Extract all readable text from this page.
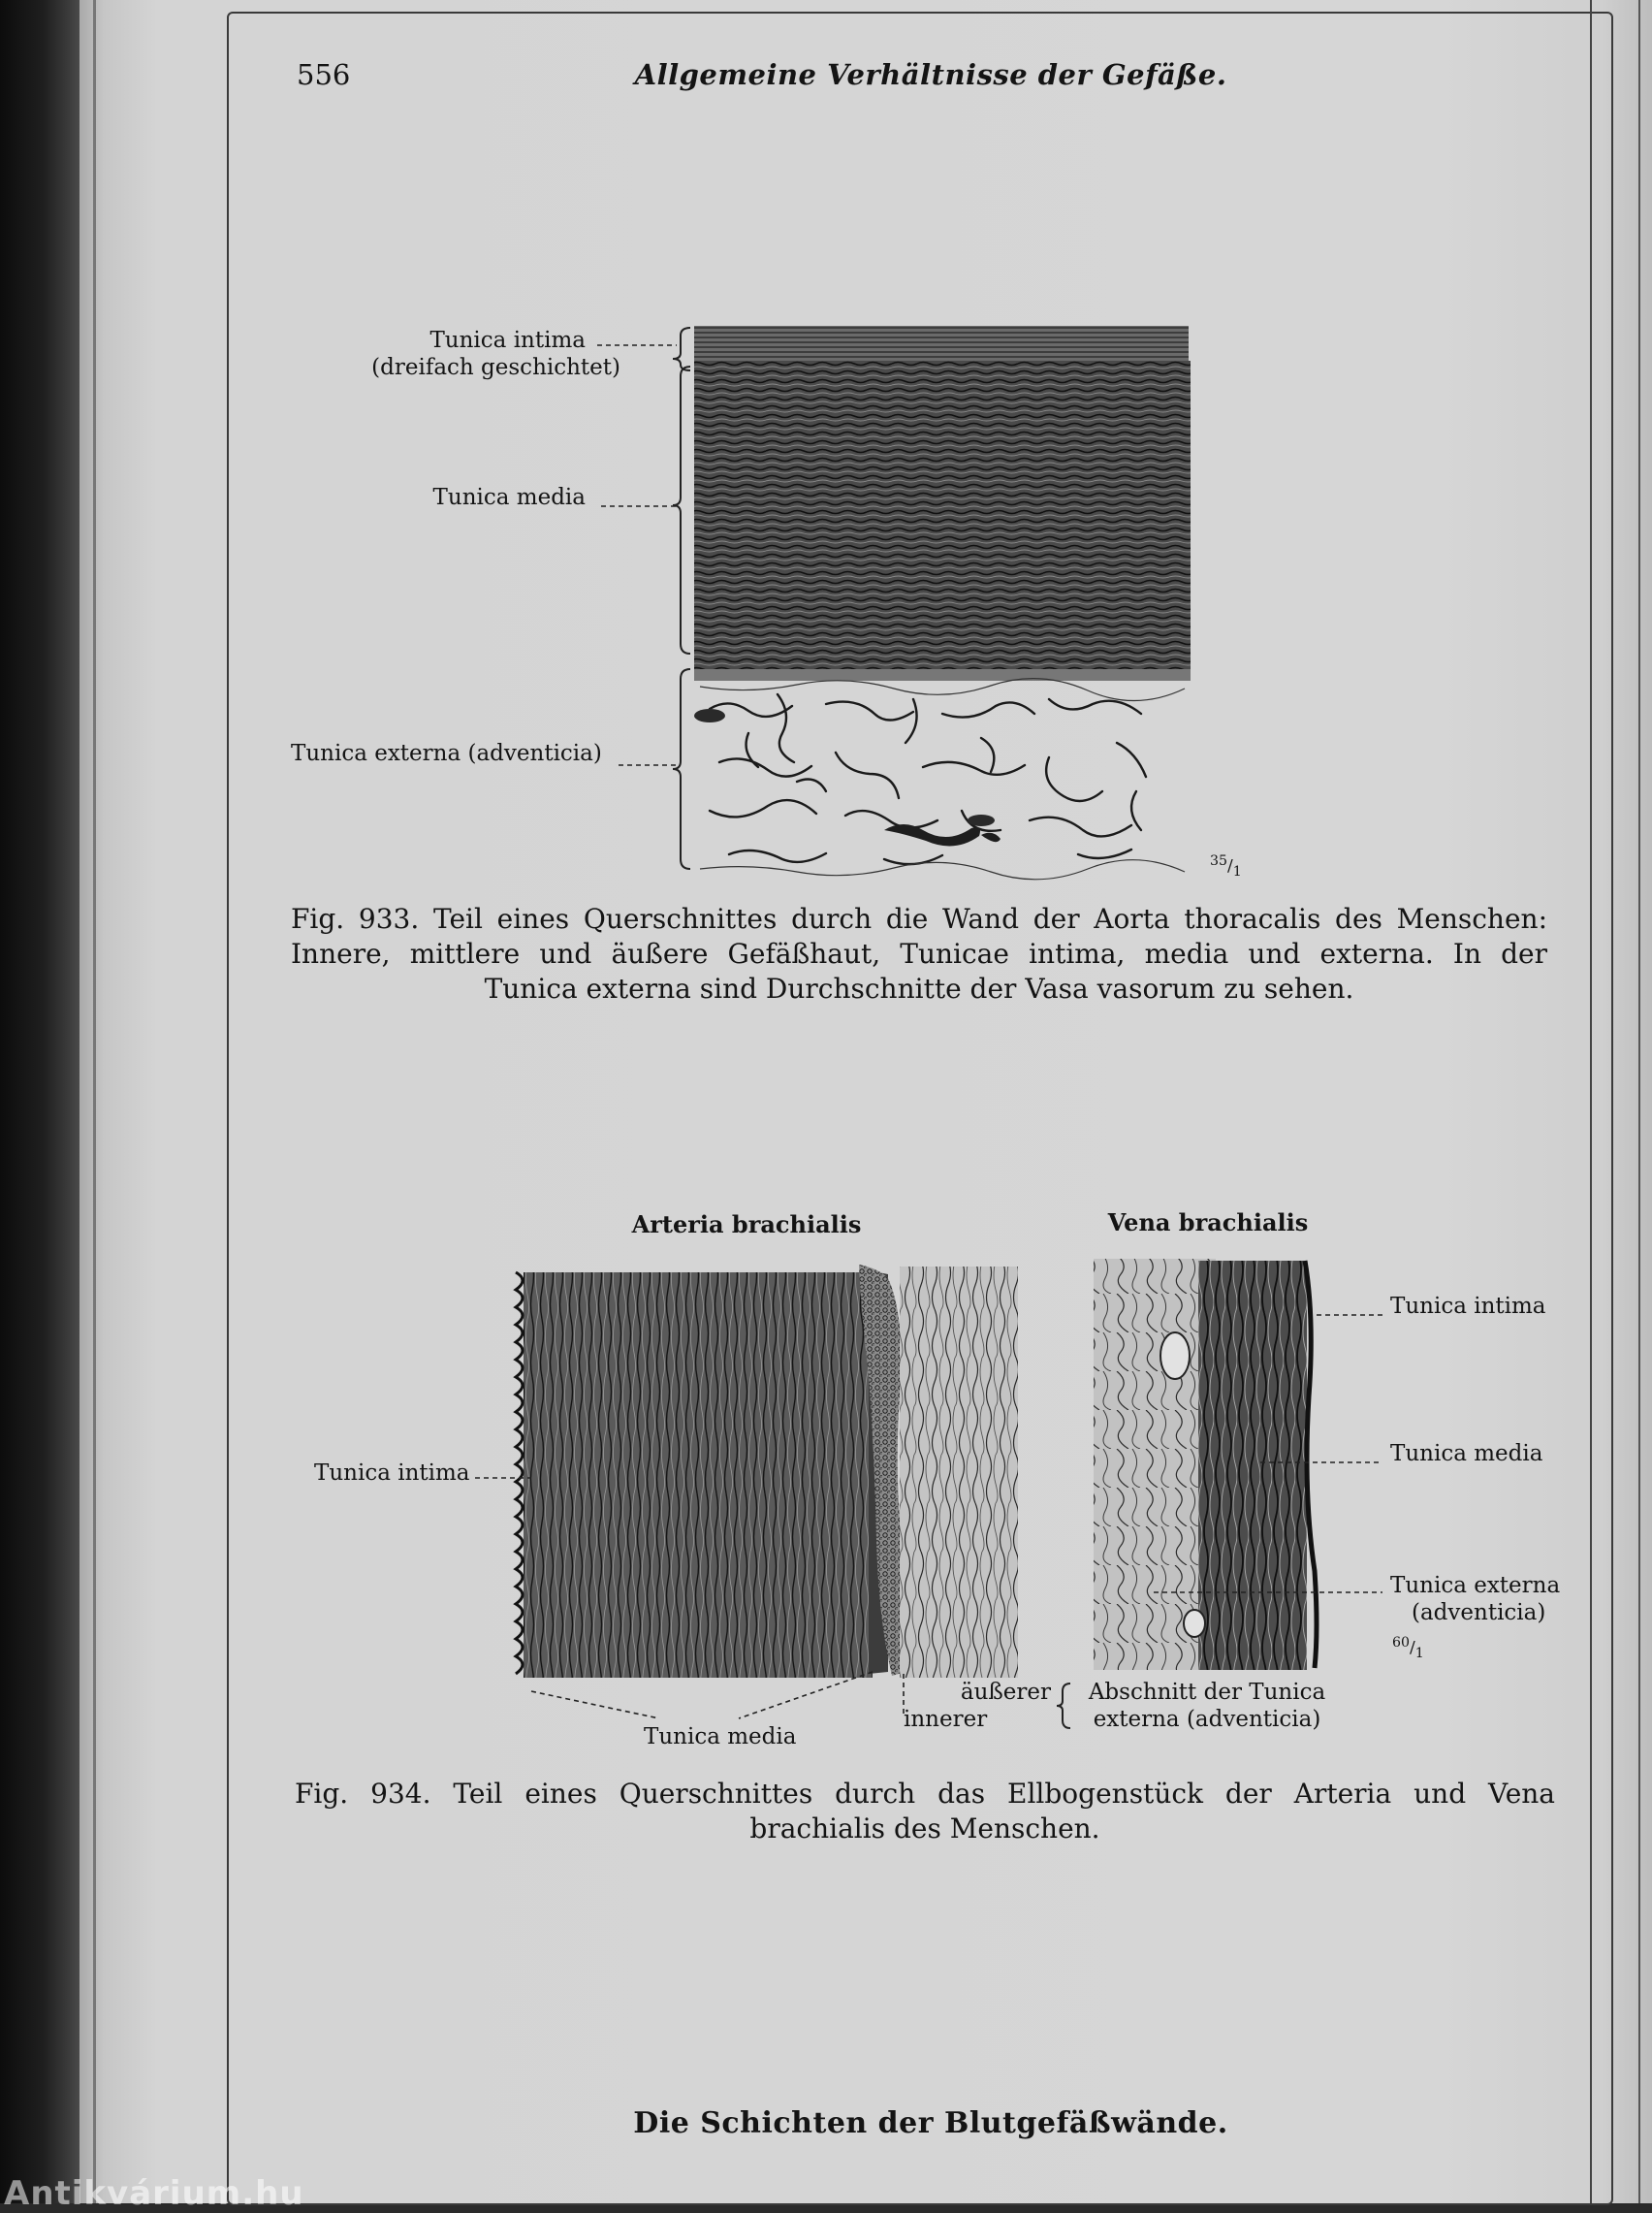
556	Allgemeine Verhältnisse der Gefäße.
Tunica intima
(dreifach geschichtet)
Tunica media
Tunica externa (adventicia)
$^{35}/_1$
Fig. 933. Teil eines Querschnittes durch die Wand der Aorta thoracalis des Menschen:
Innere, mittlere und äußere Gefäßhaut, Tunicae intima, media und externa. In der
Tunica externa sind Durchschnitte der Vasa vasorum zu sehen.
Arteria brachialis	Vena brachialis
Tunica intima
Tunica media
äußerer
innerer
Abschnitt der Tunica
externa (adventicia)
Tunica intima
Tunica media
Tunica externa
(adventicia)
$^{60}/_1$
Fig. 934. Teil eines Querschnittes durch das Ellbogenstück der Arteria und Vena
brachialis des Menschen.
Die Schichten der Blutgefäßwände.
Antikvárium.hu
